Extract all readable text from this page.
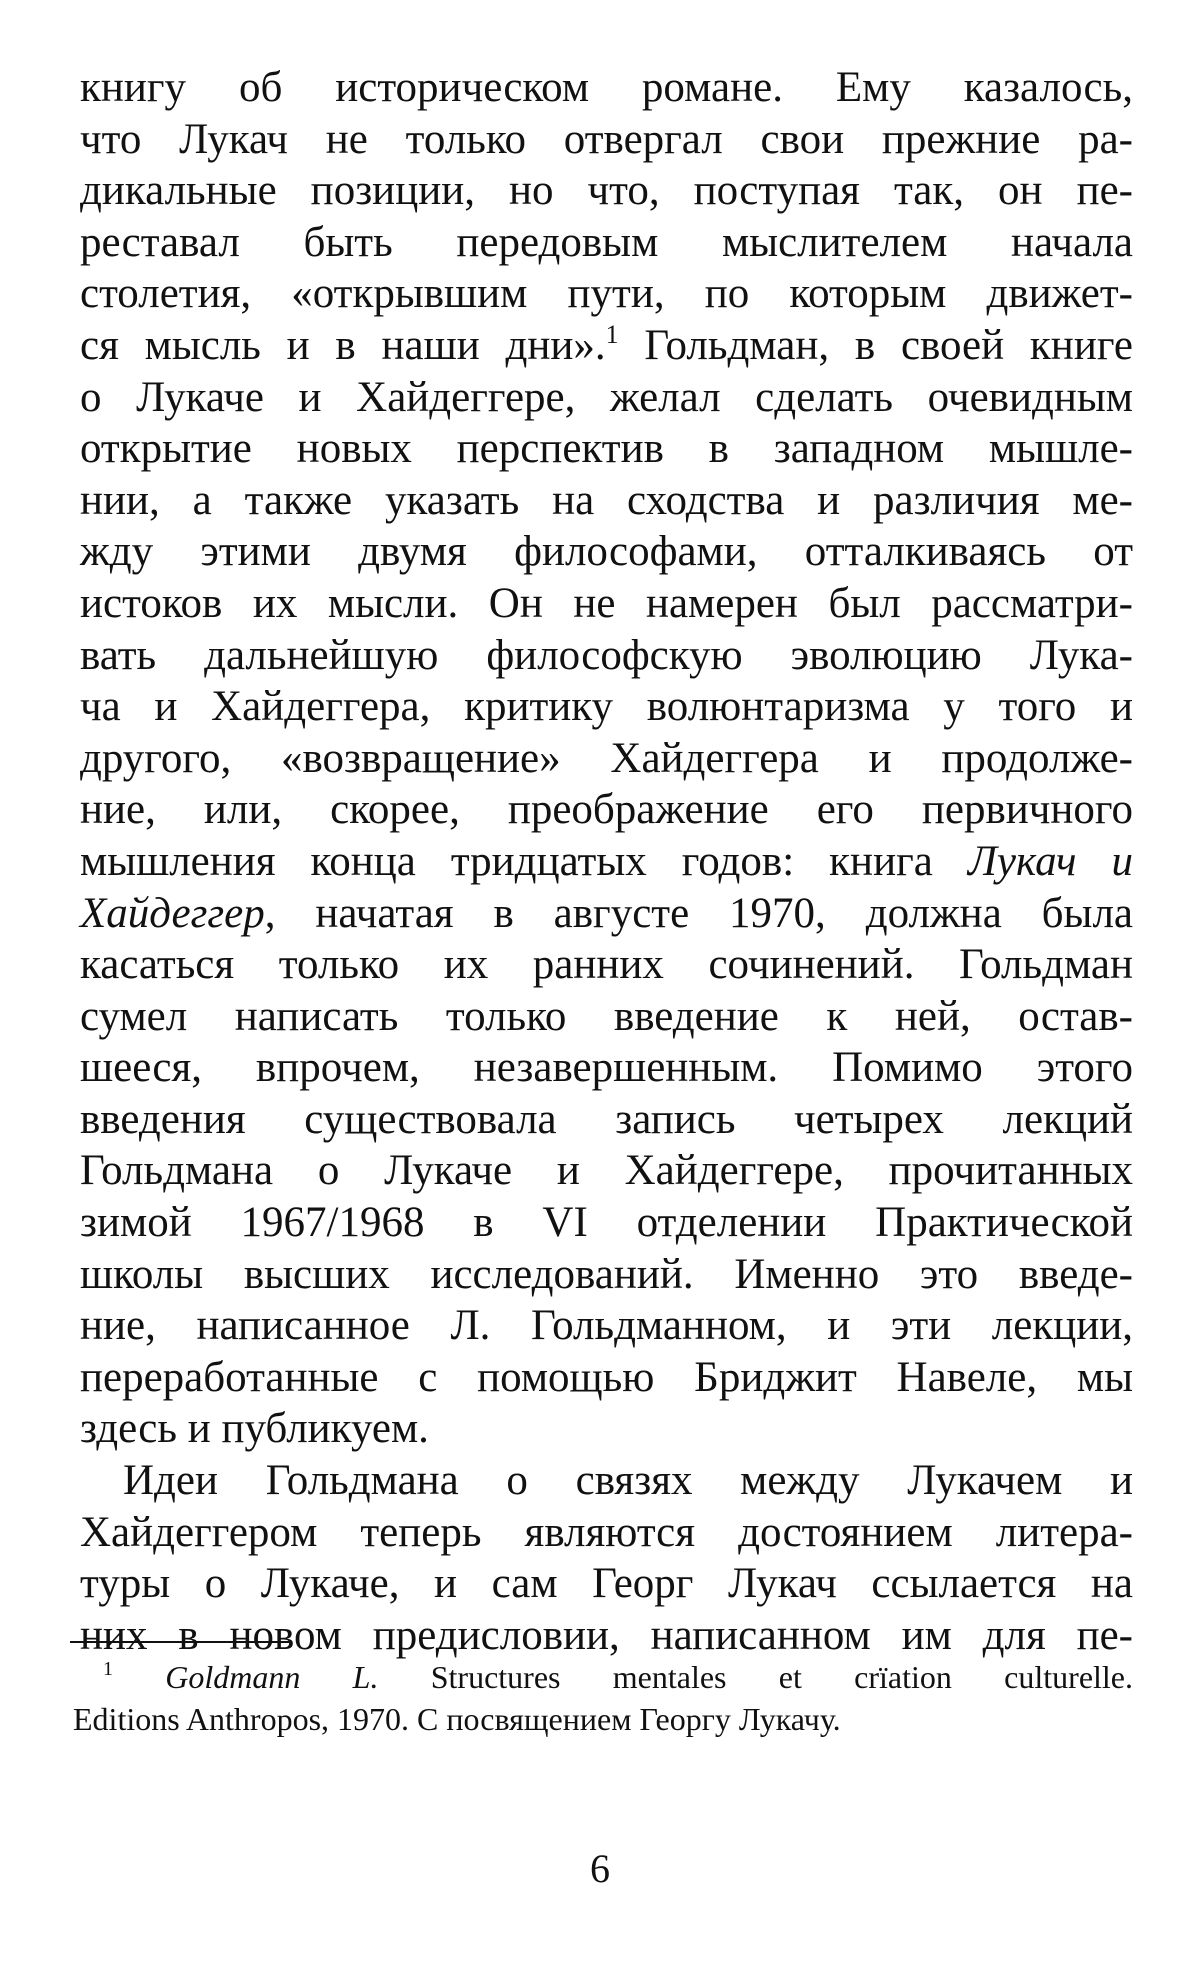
книгу об историческом романе. Ему казалось,
что Лукач не только отвергал свои прежние ра-
дикальные позиции, но что, поступая так, он пе-
реставал быть передовым мыслителем начала
столетия, «открывшим пути, по которым движет-
ся мысль и в наши дни».$^1$ Гольдман, в своей книге
о Лукаче и Хайдеггере, желал сделать очевидным
открытие новых перспектив в западном мышле-
нии, а также указать на сходства и различия ме-
жду этими двумя философами, отталкиваясь от
истоков их мысли. Он не намерен был рассматри-
вать дальнейшую философскую эволюцию Лука-
ча и Хайдеггера, критику волюнтаризма у того и
другого, «возвращение» Хайдеггера и продолже-
ние, или, скорее, преображение его первичного
мышления конца тридцатых годов: книга Лукач и
Хайдеггер, начатая в августе 1970, должна была
касаться только их ранних сочинений. Гольдман
сумел написать только введение к ней, остав-
шееся, впрочем, незавершенным. Помимо этого
введения существовала запись четырех лекций
Гольдмана о Лукаче и Хайдеггере, прочитанных
зимой 1967/1968 в VI отделении Практической
школы высших исследований. Именно это введе-
ние, написанное Л. Гольдманном, и эти лекции,
переработанные с помощью Бриджит Навеле, мы
здесь и публикуем.
Идеи Гольдмана о связях между Лукачем и
Хайдеггером теперь являются достоянием литера-
туры о Лукаче, и сам Георг Лукач ссылается на
них в новом предисловии, написанном им для пе-
$^1$ Goldmann L. Structures mentales et crïation culturelle.
Editions Anthropos, 1970. С посвящением Георгу Лукачу.
6
